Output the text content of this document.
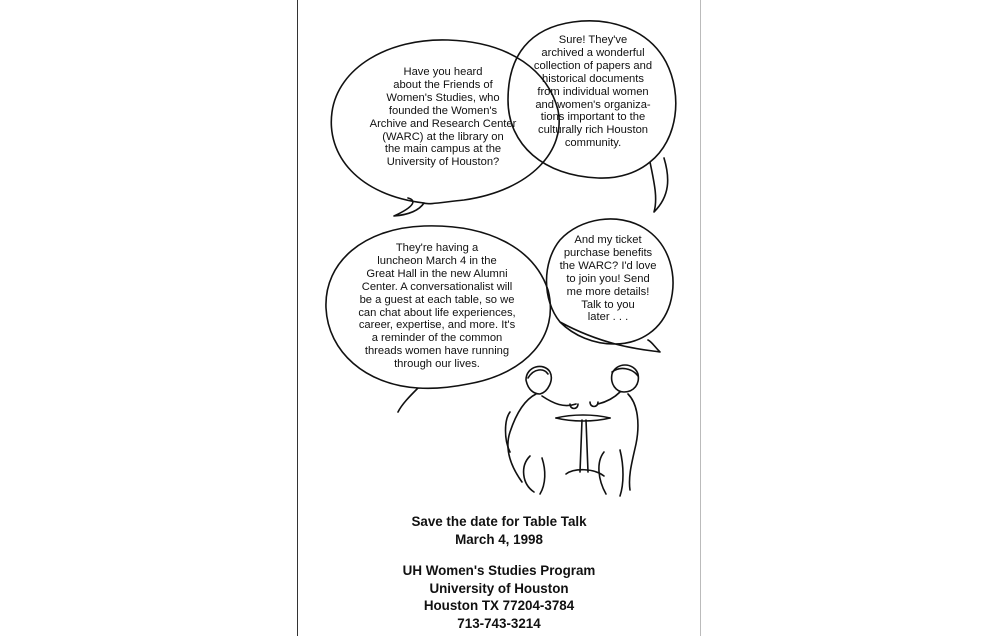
Have you heard
about the Friends of
Women's Studies, who
founded the Women's
Archive and Research Center
(WARC) at the library on
the main campus at the
University of Houston?
Sure! They've
archived a wonderful
collection of papers and
historical documents
from individual women
and women's organiza-
tions important to the
culturally rich Houston
community.
They're having a
luncheon March 4 in the
Great Hall in the new Alumni
Center. A conversationalist will
be a guest at each table, so we
can chat about life experiences,
career, expertise, and more. It's
a reminder of the common
threads women have running
through our lives.
And my ticket
purchase benefits
the WARC? I'd love
to join you! Send
me more details!
Talk to you
later . . .
Save the date for Table Talk
March 4, 1998
UH Women's Studies Program
University of Houston
Houston TX 77204-3784
713-743-3214
